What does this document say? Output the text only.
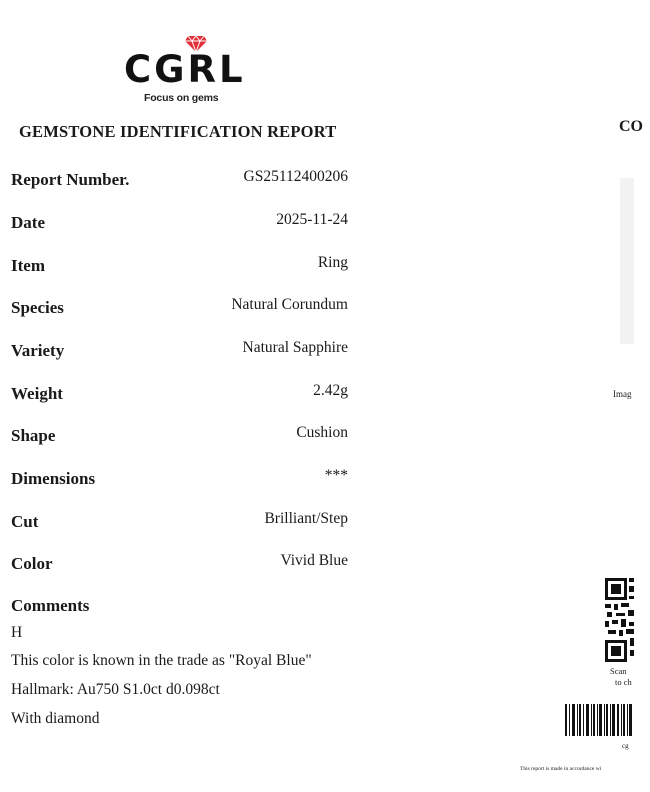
CGRL
Focus on gems
GEMSTONE IDENTIFICATION REPORT
Report Number.	GS25112400206
Date	2025-11-24
Item	Ring
Species	Natural Corundum
Variety	Natural Sapphire
Weight	2.42g
Shape	Cushion
Dimensions	***
Cut	Brilliant/Step
Color	Vivid Blue
Comments
H
This color is known in the trade as "Royal Blue"
Hallmark: Au750 S1.0ct d0.098ct
With diamond
CO
Imag
Scan
to ch
cg
This report is made in accordance wi
